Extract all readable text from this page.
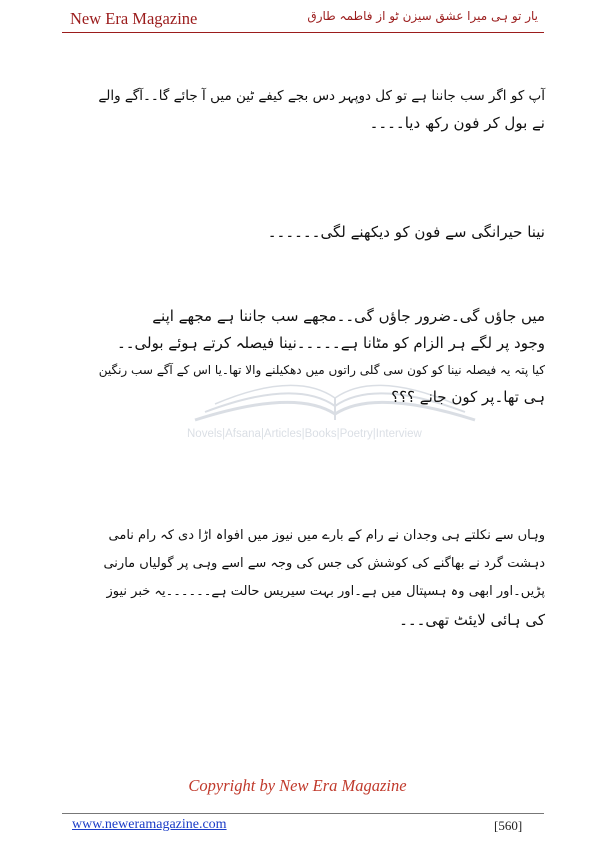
New Era Magazine	یار تو ہی میرا عشق سیزن ٹو از فاطمہ طارق
Novels|Afsana|Articles|Books|Poetry|Interview
آپ کو اگر سب جاننا ہے تو کل دوپہر دس بجے کیفے ٹین میں آ جائے گا۔۔آگے والے
نے بول کر فون رکھ دیا۔۔۔۔
نینا حیرانگی سے فون کو دیکھنے لگی۔۔۔۔۔۔
میں جاؤں گی۔ضرور جاؤں گی۔۔مجھے سب جاننا ہے مجھے اپنے
وجود پر لگے ہر الزام کو مٹانا ہے۔۔۔۔۔نینا فیصلہ کرتے ہوئے بولی۔۔
کیا پتہ یہ فیصلہ نینا کو کون سی گلی راتوں میں دھکیلنے والا تھا۔یا اس کے آگے سب رنگین
ہی تھا۔پر کون جانے ؟؟؟
وہاں سے نکلتے ہی وجدان نے رام کے بارے میں نیوز میں افواہ اڑا دی کہ رام نامی
دہشت گرد نے بھاگنے کی کوشش کی جس کی وجہ سے اسے وہی پر گولیاں مارنی
پڑیں۔اور ابھی وہ ہسپتال میں ہے۔اور بہت سیریس حالت ہے۔۔۔۔۔۔یہ خبر نیوز
کی ہائی لایئٹ تھی۔۔۔
Copyright by New Era Magazine
www.neweramagazine.com	[560]
